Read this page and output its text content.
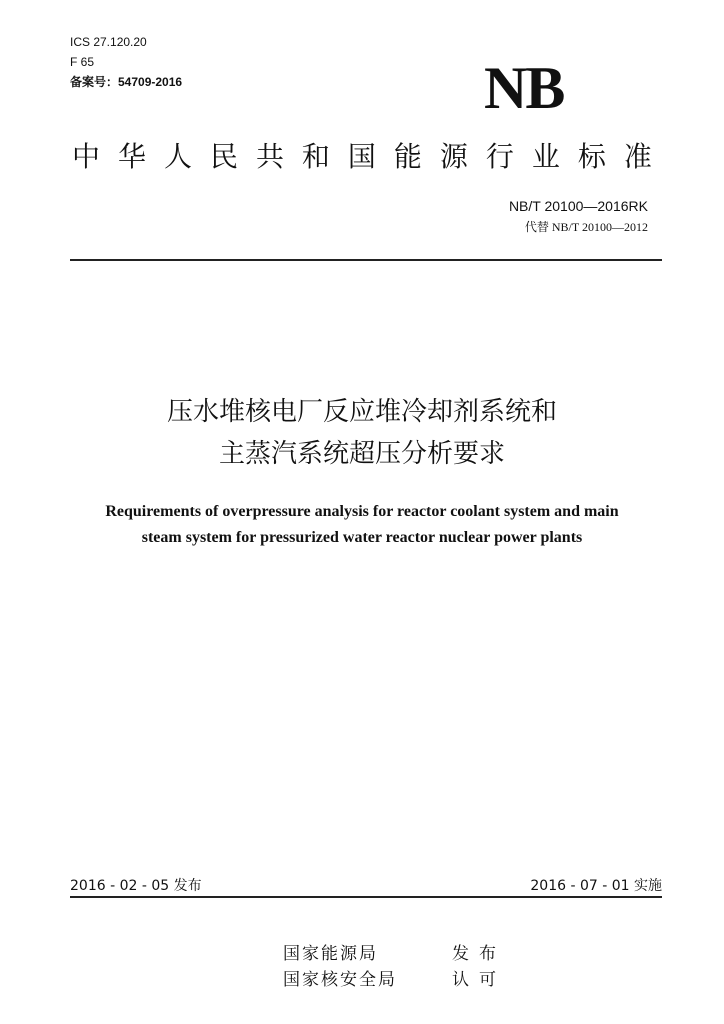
ICS 27.120.20
F 65
备案号：54709-2016	NB
中 华 人 民 共 和 国 能 源 行 业 标 准
NB/T 20100—2016RK
代替 NB/T 20100—2012
压水堆核电厂反应堆冷却剂系统和
主蒸汽系统超压分析要求
Requirements of overpressure analysis for reactor coolant system and main
steam system for pressurized water reactor nuclear power plants
2016 - 02 - 05 发布	2016 - 07 - 01 实施
国家能源局	发布
国家核安全局	认可
